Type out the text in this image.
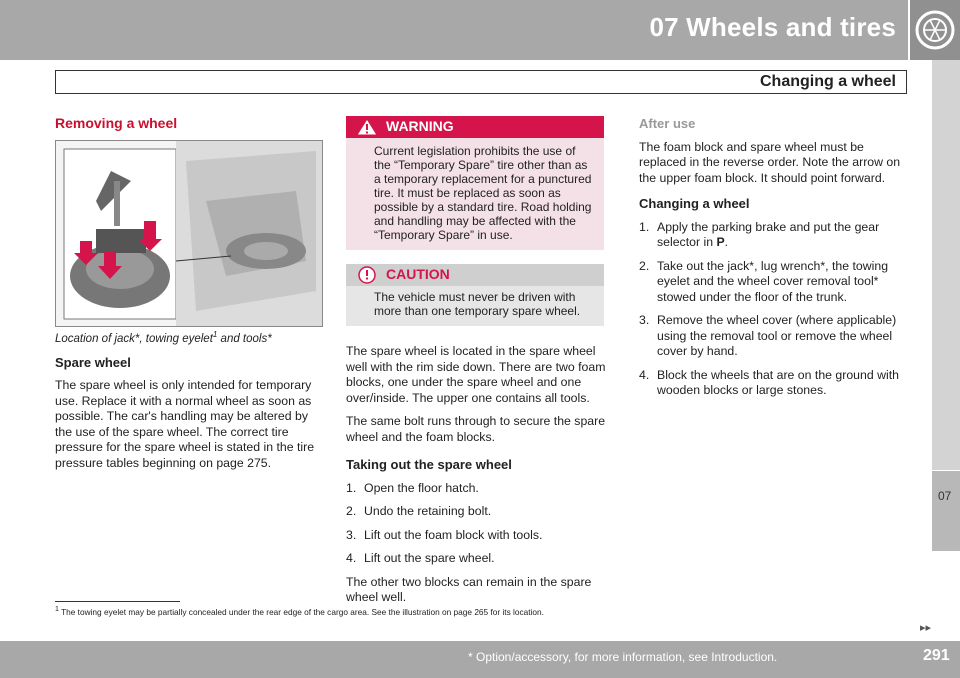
07 Wheels and tires
07
Changing a wheel

Removing a wheel

Location of jack*, towing eyelet$^1$ and tools*

Spare wheel

The spare wheel is only intended for temporary use. Replace it with a normal wheel as soon as possible. The car's handling may be altered by the use of the spare wheel. The correct tire pressure for the spare wheel is stated in the tire pressure tables beginning on page 275.

WARNING
Current legislation prohibits the use of the “Temporary Spare” tire other than as a temporary replacement for a punctured tire. It must be replaced as soon as possible by a standard tire. Road holding and handling may be affected with the “Temporary Spare” in use.
CAUTION
The vehicle must never be driven with more than one temporary spare wheel.

The spare wheel is located in the spare wheel well with the rim side down. There are two foam blocks, one under the spare wheel and one over/inside. The upper one contains all tools.

The same bolt runs through to secure the spare wheel and the foam blocks.

Taking out the spare wheel

1. Open the floor hatch.
2. Undo the retaining bolt.
3. Lift out the foam block with tools.
4. Lift out the spare wheel.

The other two blocks can remain in the spare wheel well.

After use

The foam block and spare wheel must be replaced in the reverse order. Note the arrow on the upper foam block. It should point forward.

Changing a wheel

1. Apply the parking brake and put the gear selector in P.
2. Take out the jack*, lug wrench*, the towing eyelet and the wheel cover removal tool* stowed under the floor of the trunk.
3. Remove the wheel cover (where applicable) using the removal tool or remove the wheel cover by hand.
4. Block the wheels that are on the ground with wooden blocks or large stones.
$^1$ The towing eyelet may be partially concealed under the rear edge of the cargo area. See the illustration on page 265 for its location.
▸▸
* Option/accessory, for more information, see Introduction.	291
